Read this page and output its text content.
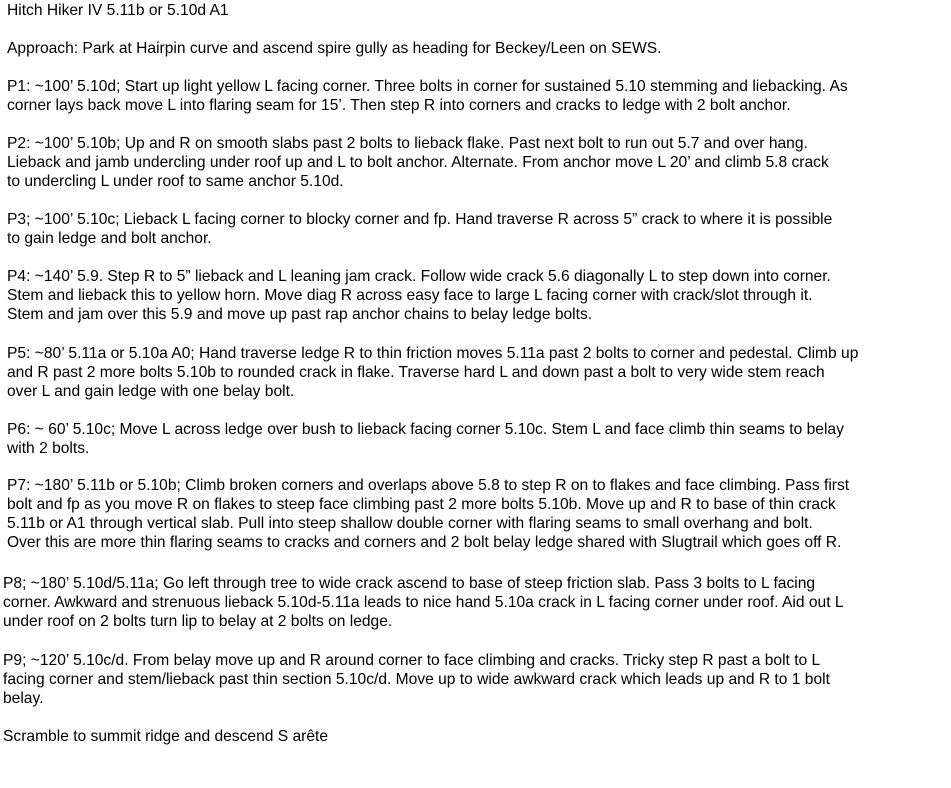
Hitch Hiker IV 5.11b or 5.10d A1

Approach: Park at Hairpin curve and ascend spire gully as heading for Beckey/Leen on SEWS.

P1: ~100’ 5.10d; Start up light yellow L facing corner. Three bolts in corner for sustained 5.10 stemming and liebacking. As
corner lays back move L into flaring seam for 15’. Then step R into corners and cracks to ledge with 2 bolt anchor.

P2: ~100’ 5.10b; Up and R on smooth slabs past 2 bolts to lieback flake. Past next bolt to run out 5.7 and over hang.
Lieback and jamb undercling under roof up and L to bolt anchor. Alternate. From anchor move L 20’ and climb 5.8 crack
to undercling L under roof to same anchor 5.10d.

P3; ~100’ 5.10c; Lieback L facing corner to blocky corner and fp. Hand traverse R across 5” crack to where it is possible
to gain ledge and bolt anchor.

P4: ~140’ 5.9. Step R to 5” lieback and L leaning jam crack. Follow wide crack 5.6 diagonally L to step down into corner.
Stem and lieback this to yellow horn. Move diag R across easy face to large L facing corner with crack/slot through it.
Stem and jam over this 5.9 and move up past rap anchor chains to belay ledge bolts.

P5: ~80’ 5.11a or 5.10a A0; Hand traverse ledge R to thin friction moves 5.11a past 2 bolts to corner and pedestal. Climb up
and R past 2 more bolts 5.10b to rounded crack in flake. Traverse hard L and down past a bolt to very wide stem reach
over L and gain ledge with one belay bolt.

P6: ~ 60’ 5.10c; Move L across ledge over bush to lieback facing corner 5.10c. Stem L and face climb thin seams to belay
with 2 bolts.

P7: ~180’ 5.11b or 5.10b; Climb broken corners and overlaps above 5.8 to step R on to flakes and face climbing. Pass first
bolt and fp as you move R on flakes to steep face climbing past 2 more bolts 5.10b. Move up and R to base of thin crack
5.11b or A1 through vertical slab. Pull into steep shallow double corner with flaring seams to small overhang and bolt.
Over this are more thin flaring seams to cracks and corners and 2 bolt belay ledge shared with Slugtrail which goes off R.

P8; ~180’ 5.10d/5.11a; Go left through tree to wide crack ascend to base of steep friction slab. Pass 3 bolts to L facing
corner. Awkward and strenuous lieback 5.10d-5.11a leads to nice hand 5.10a crack in L facing corner under roof. Aid out L
under roof on 2 bolts turn lip to belay at 2 bolts on ledge.

P9; ~120’ 5.10c/d. From belay move up and R around corner to face climbing and cracks. Tricky step R past a bolt to L
facing corner and stem/lieback past thin section 5.10c/d. Move up to wide awkward crack which leads up and R to 1 bolt
belay.

Scramble to summit ridge and descend S arête
